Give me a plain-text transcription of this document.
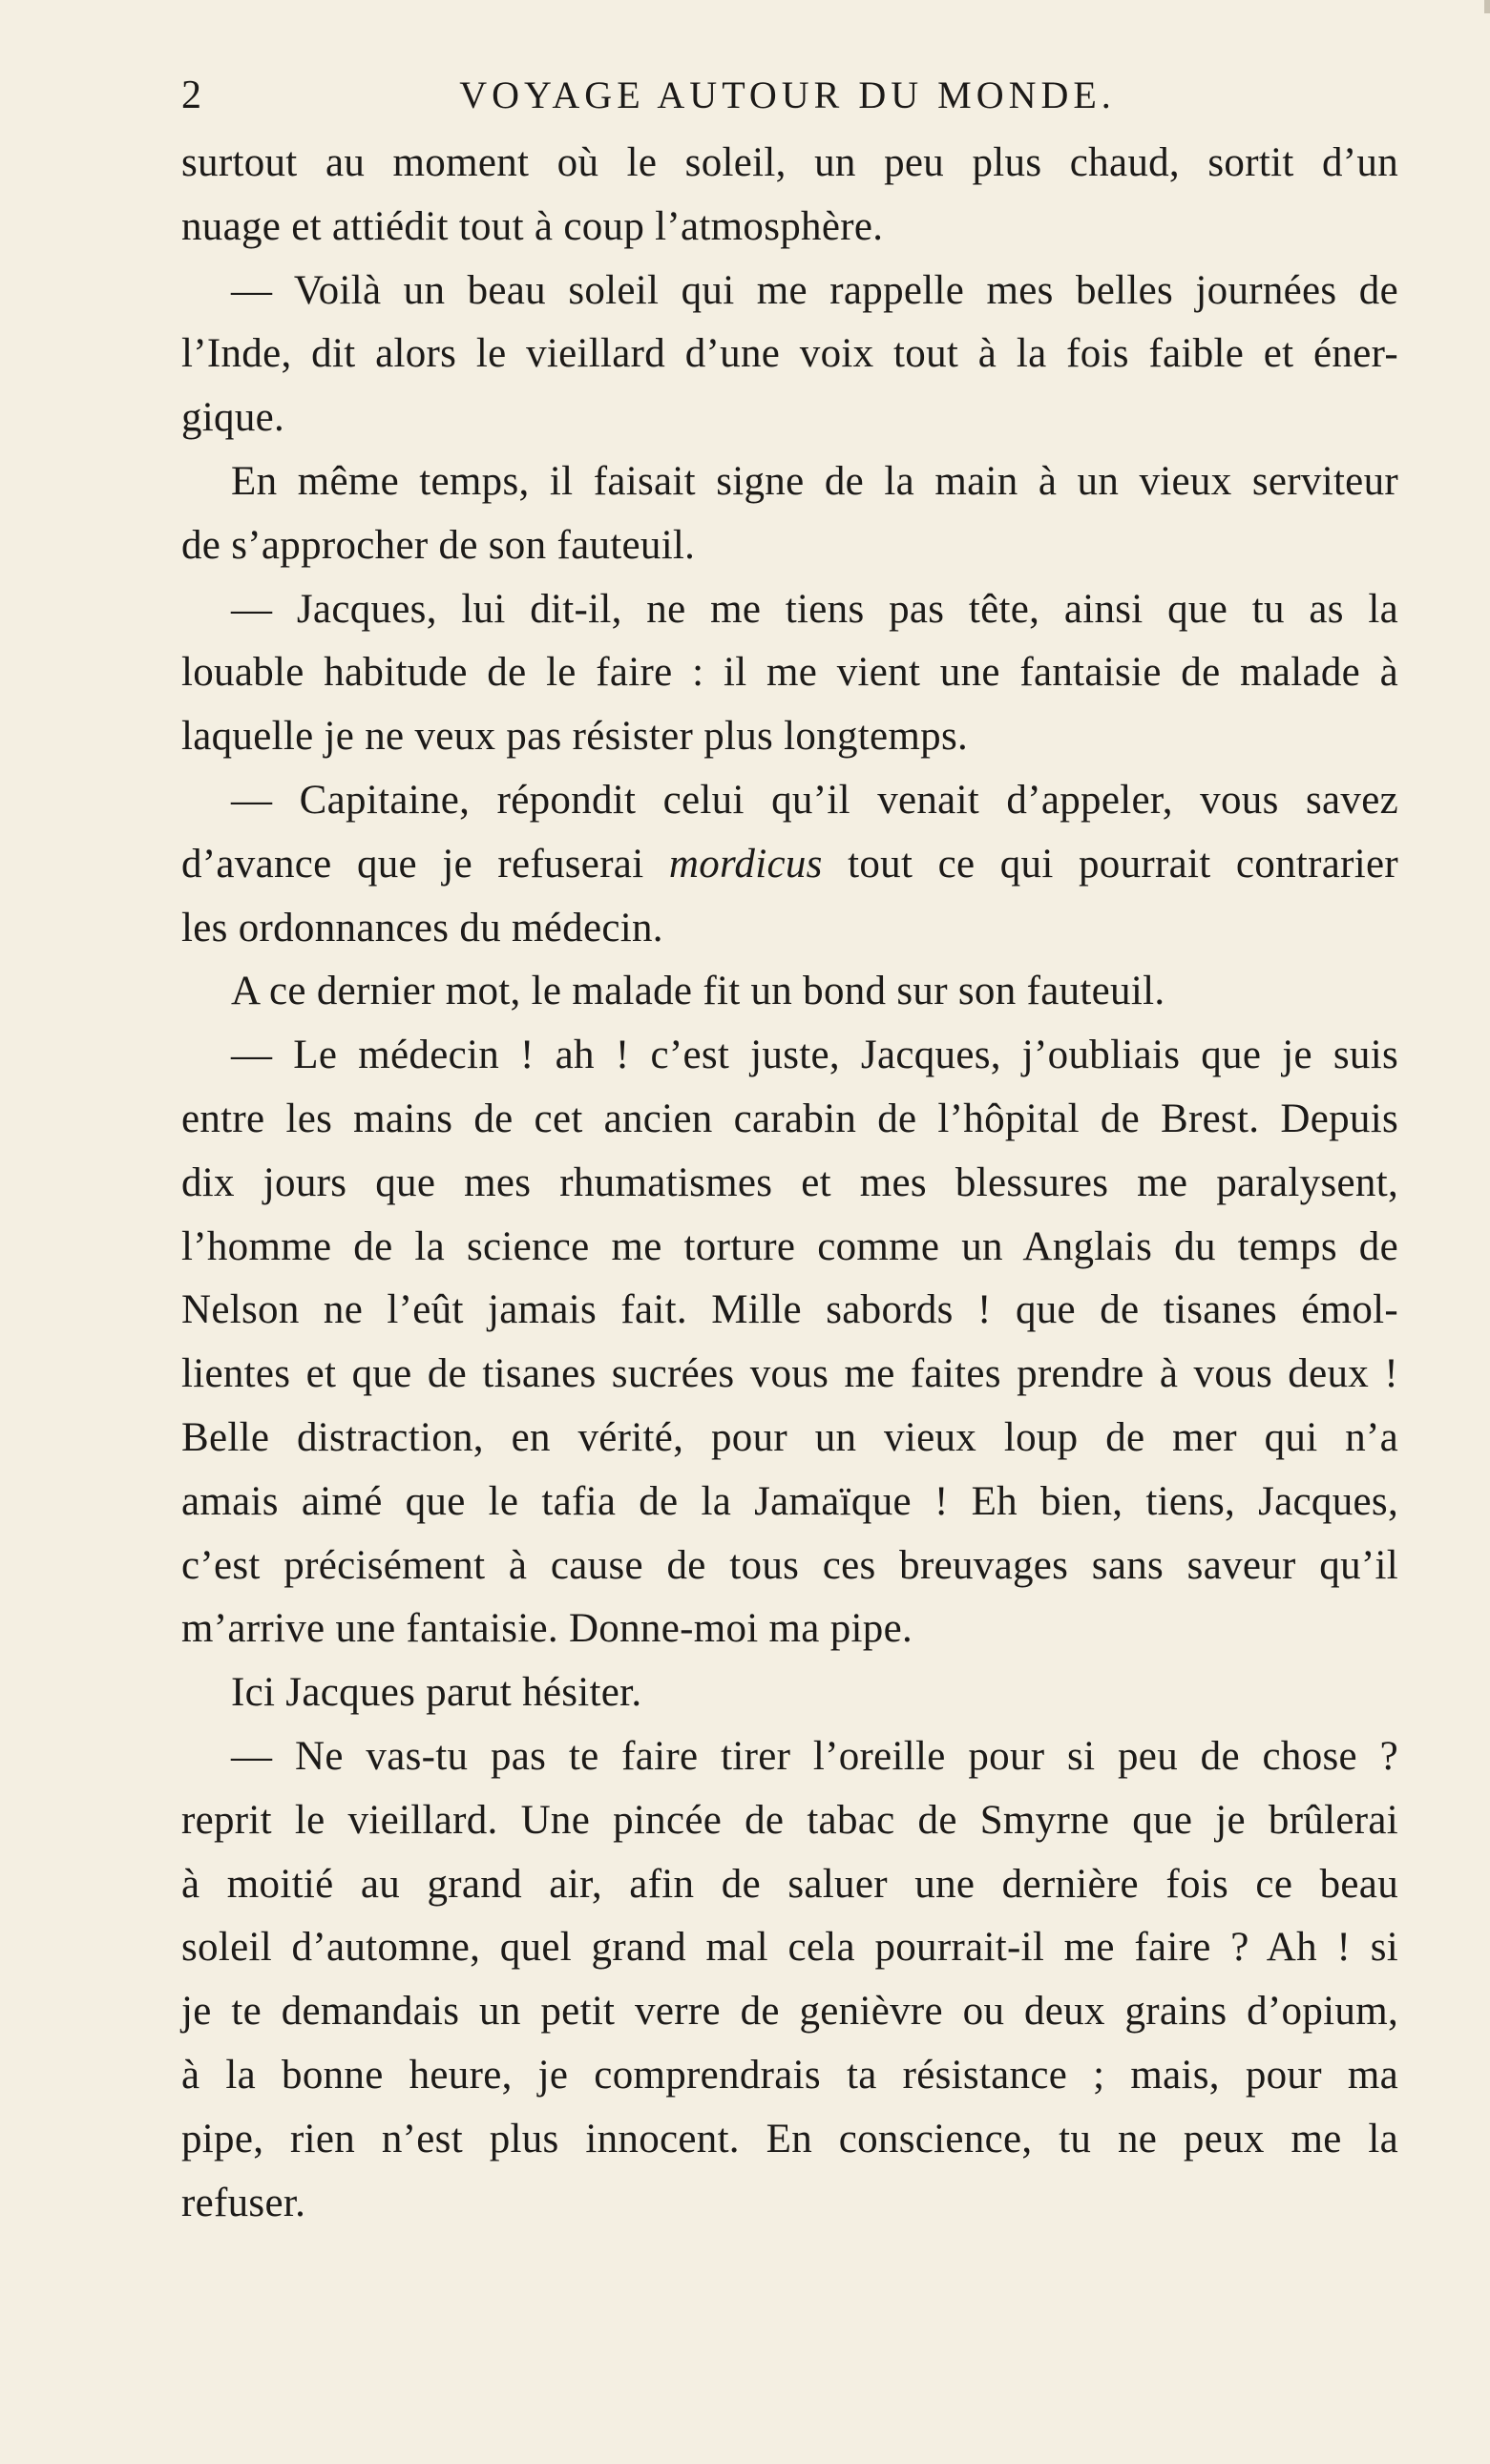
2	VOYAGE AUTOUR DU MONDE.
surtout au moment où le soleil, un peu plus chaud, sortit d’un
nuage et attiédit tout à coup l’atmosphère.
— Voilà un beau soleil qui me rappelle mes belles journées de
l’Inde, dit alors le vieillard d’une voix tout à la fois faible et éner-
gique.
En même temps, il faisait signe de la main à un vieux serviteur
de s’approcher de son fauteuil.
— Jacques, lui dit-il, ne me tiens pas tête, ainsi que tu as la
louable habitude de le faire : il me vient une fantaisie de malade à
laquelle je ne veux pas résister plus longtemps.
— Capitaine, répondit celui qu’il venait d’appeler, vous savez
d’avance que je refuserai mordicus tout ce qui pourrait contrarier
les ordonnances du médecin.
A ce dernier mot, le malade fit un bond sur son fauteuil.
— Le médecin ! ah ! c’est juste, Jacques, j’oubliais que je suis
entre les mains de cet ancien carabin de l’hôpital de Brest. Depuis
dix jours que mes rhumatismes et mes blessures me paralysent,
l’homme de la science me torture comme un Anglais du temps de
Nelson ne l’eût jamais fait. Mille sabords ! que de tisanes émol-
lientes et que de tisanes sucrées vous me faites prendre à vous deux !
Belle distraction, en vérité, pour un vieux loup de mer qui n’a
amais aimé que le tafia de la Jamaïque ! Eh bien, tiens, Jacques,
c’est précisément à cause de tous ces breuvages sans saveur qu’il
m’arrive une fantaisie. Donne-moi ma pipe.
Ici Jacques parut hésiter.
— Ne vas-tu pas te faire tirer l’oreille pour si peu de chose ?
reprit le vieillard. Une pincée de tabac de Smyrne que je brûlerai
à moitié au grand air, afin de saluer une dernière fois ce beau
soleil d’automne, quel grand mal cela pourrait-il me faire ? Ah ! si
je te demandais un petit verre de genièvre ou deux grains d’opium,
à la bonne heure, je comprendrais ta résistance ; mais, pour ma
pipe, rien n’est plus innocent. En conscience, tu ne peux me la
refuser.
